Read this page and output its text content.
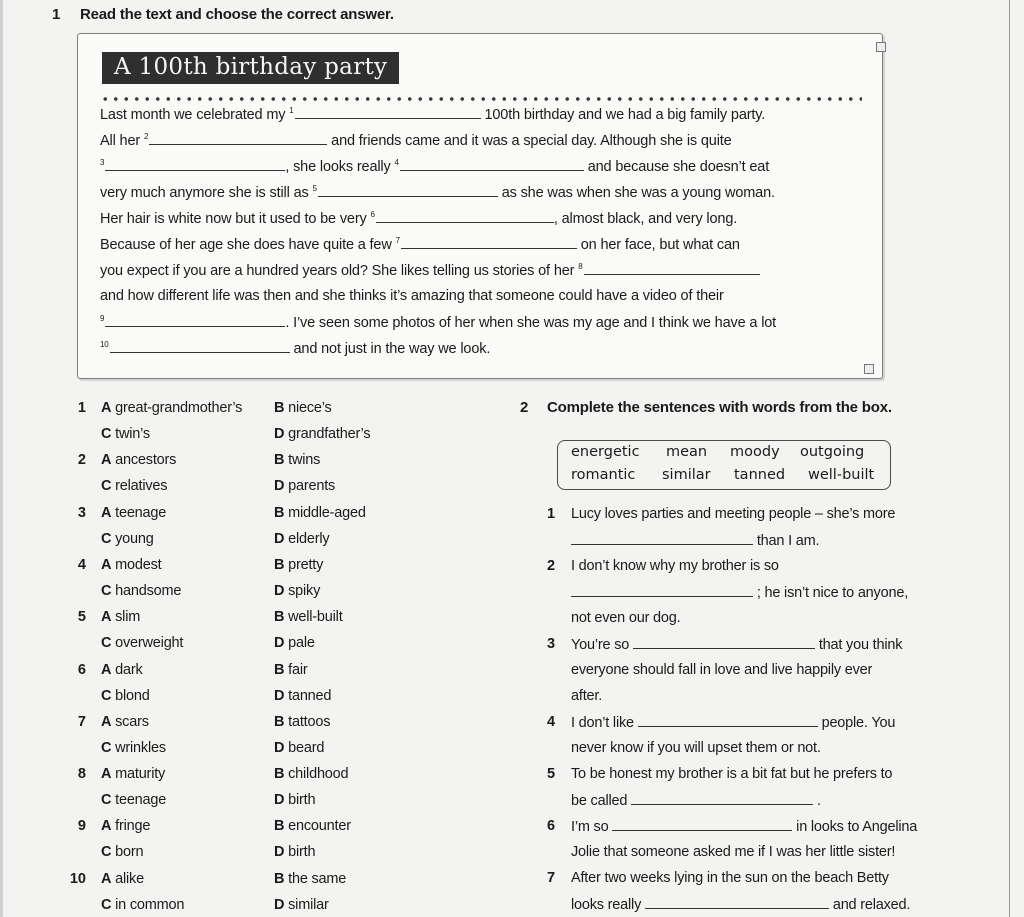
1 Read the text and choose the correct answer.
A 100th birthday party
Last month we celebrated my $^1$	100th birthday and we had a big family party.
All her $^2$	and friends came and it was a special day. Although she is quite
$^3$	, she looks really $^4$	and because she doesn’t eat
very much anymore she is still as $^5$	as she was when she was a young woman.
Her hair is white now but it used to be very $^6$	, almost black, and very long.
Because of her age she does have quite a few $^7$	on her face, but what can
you expect if you are a hundred years old? She likes telling us stories of her $^8$
and how different life was then and she thinks it’s amazing that someone could have a video of their
$^9$	. I’ve seen some photos of her when she was my age and I think we have a lot
$^{10}$	and not just in the way we look.
1 A great-grandmother’s B niece’s
C twin’s	D grandfather’s
2 A ancestors	B twins
C relatives	D parents
3 A teenage	B middle-aged
C young	D elderly
4 A modest	B pretty
C handsome	D spiky
5 A slim	B well-built
C overweight	D pale
6 A dark	B fair
C blond	D tanned
7 A scars	B tattoos
C wrinkles	D beard
8 A maturity	B childhood
C teenage	D birth
9 A fringe	B encounter
C born	D birth
10 A alike	B the same
C in common	D similar
2 Complete the sentences with words from the box.
energetic mean moody outgoing
romantic similar tanned well-built
1 Lucy loves parties and meeting people – she’s more
than I am.
2 I don’t know why my brother is so
; he isn’t nice to anyone,
not even our dog.
3 You’re so	that you think
everyone should fall in love and live happily ever
after.
4 I don’t like	people. You
never know if you will upset them or not.
5 To be honest my brother is a bit fat but he prefers to
be called	.
6 I’m so	in looks to Angelina
Jolie that someone asked me if I was her little sister!
7 After two weeks lying in the sun on the beach Betty
looks really	and relaxed.
